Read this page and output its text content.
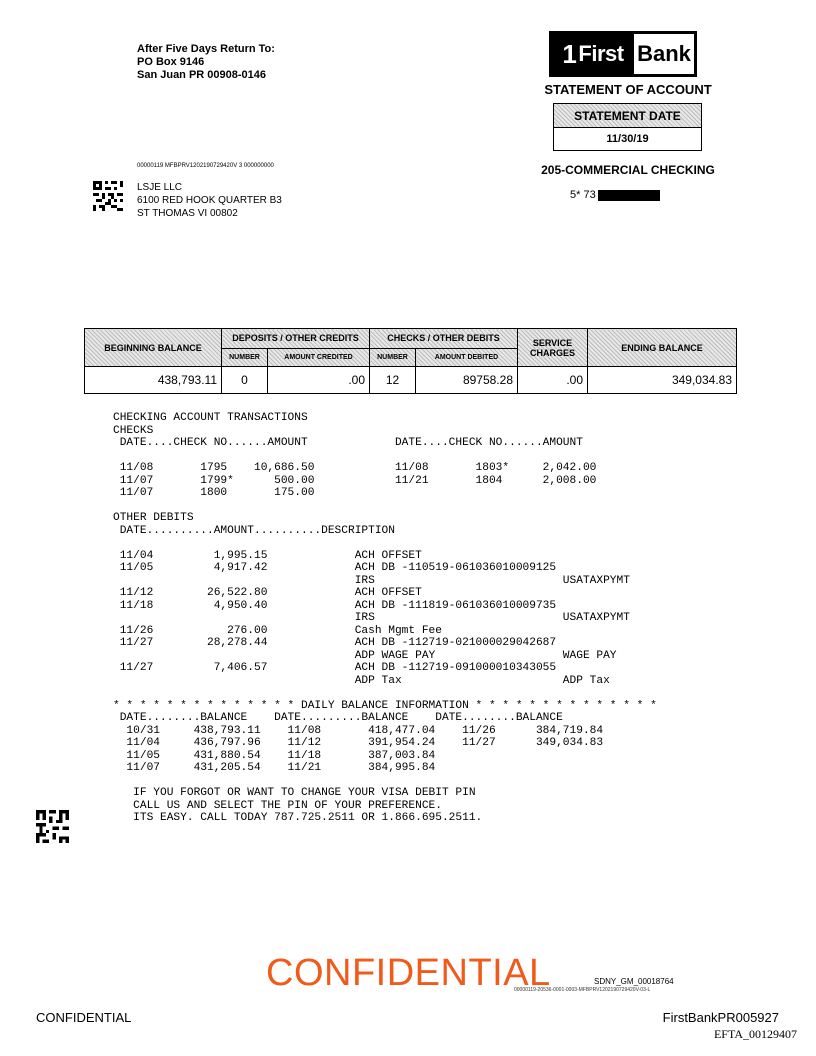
After Five Days Return To:
PO Box 9146
San Juan PR 00908-0146
1 First Bank
STATEMENT OF ACCOUNT
STATEMENT DATE
11/30/19
00000119 MFBPRV1202190729420V 3 000000000	205-COMMERCIAL CHECKING
5* 73
LSJE LLC
6100 RED HOOK QUARTER B3
ST THOMAS VI 00802
BEGINNING BALANCE	DEPOSITS / OTHER CREDITS		CHECKS / OTHER DEBITS		SERVICE CHARGES	ENDING BALANCE
	NUMBER	AMOUNT CREDITED	NUMBER	AMOUNT DEBITED		
438,793.11	0	.00	12	89758.28	.00	349,034.83
CHECKING ACCOUNT TRANSACTIONS
CHECKS
DATE....CHECK NO......AMOUNT             DATE....CHECK NO......AMOUNT

11/08       1795    10,686.50            11/08       1803*     2,042.00
11/07       1799*      500.00            11/21       1804      2,008.00
11/07       1800       175.00

OTHER DEBITS
DATE..........AMOUNT..........DESCRIPTION

11/04         1,995.15             ACH OFFSET
11/05         4,917.42             ACH DB -110519-061036010009125
IRS                            USATAXPYMT
11/12        26,522.80             ACH OFFSET
11/18         4,950.40             ACH DB -111819-061036010009735
IRS                            USATAXPYMT
11/26           276.00             Cash Mgmt Fee
11/27        28,278.44             ACH DB -112719-021000029042687
ADP WAGE PAY                   WAGE PAY
11/27         7,406.57             ACH DB -112719-091000010343055
ADP Tax                        ADP Tax

* * * * * * * * * * * * * * DAILY BALANCE INFORMATION * * * * * * * * * * * * * *
DATE........BALANCE    DATE.........BALANCE    DATE........BALANCE
10/31     438,793.11    11/08       418,477.04    11/26      384,719.84
11/04     436,797.96    11/12       391,954.24    11/27      349,034.83
11/05     431,880.54    11/18       387,003.84
11/07     431,205.54    11/21       384,995.84

IF YOU FORGOT OR WANT TO CHANGE YOUR VISA DEBIT PIN
CALL US AND SELECT THE PIN OF YOUR PREFERENCE.
ITS EASY. CALL TODAY 787.725.2511 OR 1.866.695.2511.
CONFIDENTIAL	SDNY_GM_00018764
00000119-20536-0001-0003-MFBPRV1202190729420V-03-L
CONFIDENTIAL	FirstBankPR005927
EFTA_00129407
